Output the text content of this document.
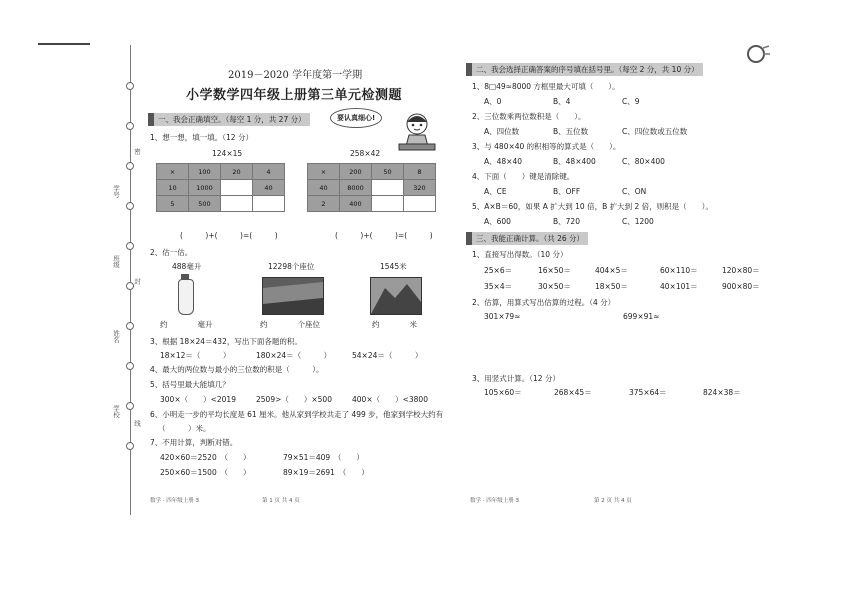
学号
姓名
班级
学校
密
封
线
2019－2020 学年度第一学期
小学数学四年级上册第三单元检测题
一、我会正确填空。（每空 1 分，共 27 分）	要认真细心!
1、想一想，填一填。（12 分）
124×15	258×42
×	100	20	4
10	1000		40
5	500		
×	200	50	8
40	8000		320
2	400		
(　　　)+(　　　)=(　　　)	(　　　)+(　　　)=(　　　)
2、估一估。
488毫升	12298个座位	1545米
约　　　　毫升	约　　　　个座位	约　　　　米
3、根据 18×24＝432，写出下面各题的积。
18×12＝（　　　）	180×24＝（　　　）	54×24＝（　　　）
4、最大的两位数与最小的三位数的积是（　　　）。
5、括号里最大能填几？
300×（　　）<2019	2509>（　　）×500	400×（　　）<3800
6、小明走一步的平均长度是 61 厘米。他从家到学校共走了 499 步，他家到学校大约有
（　　　）米。
7、不用计算，判断对错。
420×60＝2520　（　　）	79×51＝409　（　　）
250×60＝1500　（　　）	89×19＝2691　（　　）
数学 · 四年级上册 3	第 1 页 共 4 页
二、我会选择正确答案的序号填在括号里。（每空 2 分，共 10 分）
1、8□49≈8000 方框里最大可填（　　）。
A、0	B、4	C、9
2、三位数乘两位数积是（　　）。
A、四位数	B、五位数	C、四位数或五位数
3、与 480×40 的积相等的算式是（　　）。
A、48×40	B、48×400	C、80×400
4、下面（　　）键是清除键。
A、CE	B、OFF	C、ON
5、A×B＝60，如果 A 扩大到 10 倍，B 扩大到 2 倍，则积是（　　）。
A、600	B、720	C、1200
三、我能正确计算。（共 26 分）
1、直接写出得数。（10 分）
25×6＝	16×50＝	404×5＝	60×110＝	120×80＝
35×4＝	30×50＝	18×50＝	40×101＝	900×80＝
2、估算，用算式写出估算的过程。（4 分）
301×79≈	699×91≈
3、用竖式计算。（12 分）
105×60＝	268×45＝	375×64＝	824×38＝
数学 · 四年级上册 3	第 2 页 共 4 页
